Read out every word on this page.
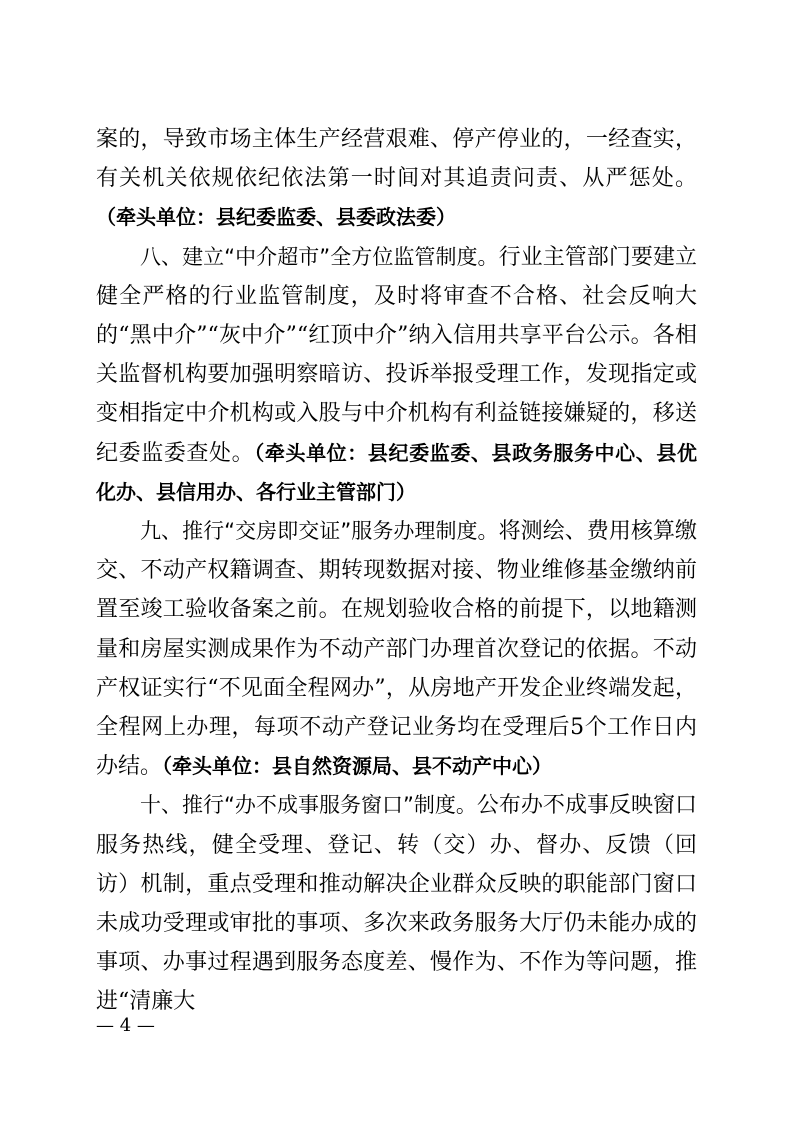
案的，导致市场主体生产经营艰难、停产停业的，一经查实，有关机关依规依纪依法第一时间对其追责问责、从严惩处。（牵头单位：县纪委监委、县委政法委）

八、建立“中介超市”全方位监管制度。行业主管部门要建立健全严格的行业监管制度，及时将审查不合格、社会反响大的“黑中介”“灰中介”“红顶中介”纳入信用共享平台公示。各相关监督机构要加强明察暗访、投诉举报受理工作，发现指定或变相指定中介机构或入股与中介机构有利益链接嫌疑的，移送纪委监委查处。（牵头单位：县纪委监委、县政务服务中心、县优化办、县信用办、各行业主管部门）

九、推行“交房即交证”服务办理制度。将测绘、费用核算缴交、不动产权籍调查、期转现数据对接、物业维修基金缴纳前置至竣工验收备案之前。在规划验收合格的前提下，以地籍测量和房屋实测成果作为不动产部门办理首次登记的依据。不动产权证实行“不见面全程网办”，从房地产开发企业终端发起，全程网上办理，每项不动产登记业务均在受理后5个工作日内办结。（牵头单位：县自然资源局、县不动产中心）

十、推行“办不成事服务窗口”制度。公布办不成事反映窗口服务热线，健全受理、登记、转（交）办、督办、反馈（回访）机制，重点受理和推动解决企业群众反映的职能部门窗口未成功受理或审批的事项、多次来政务服务大厅仍未能办成的事项、办事过程遇到服务态度差、慢作为、不作为等问题，推进“清廉大

— 4 —
